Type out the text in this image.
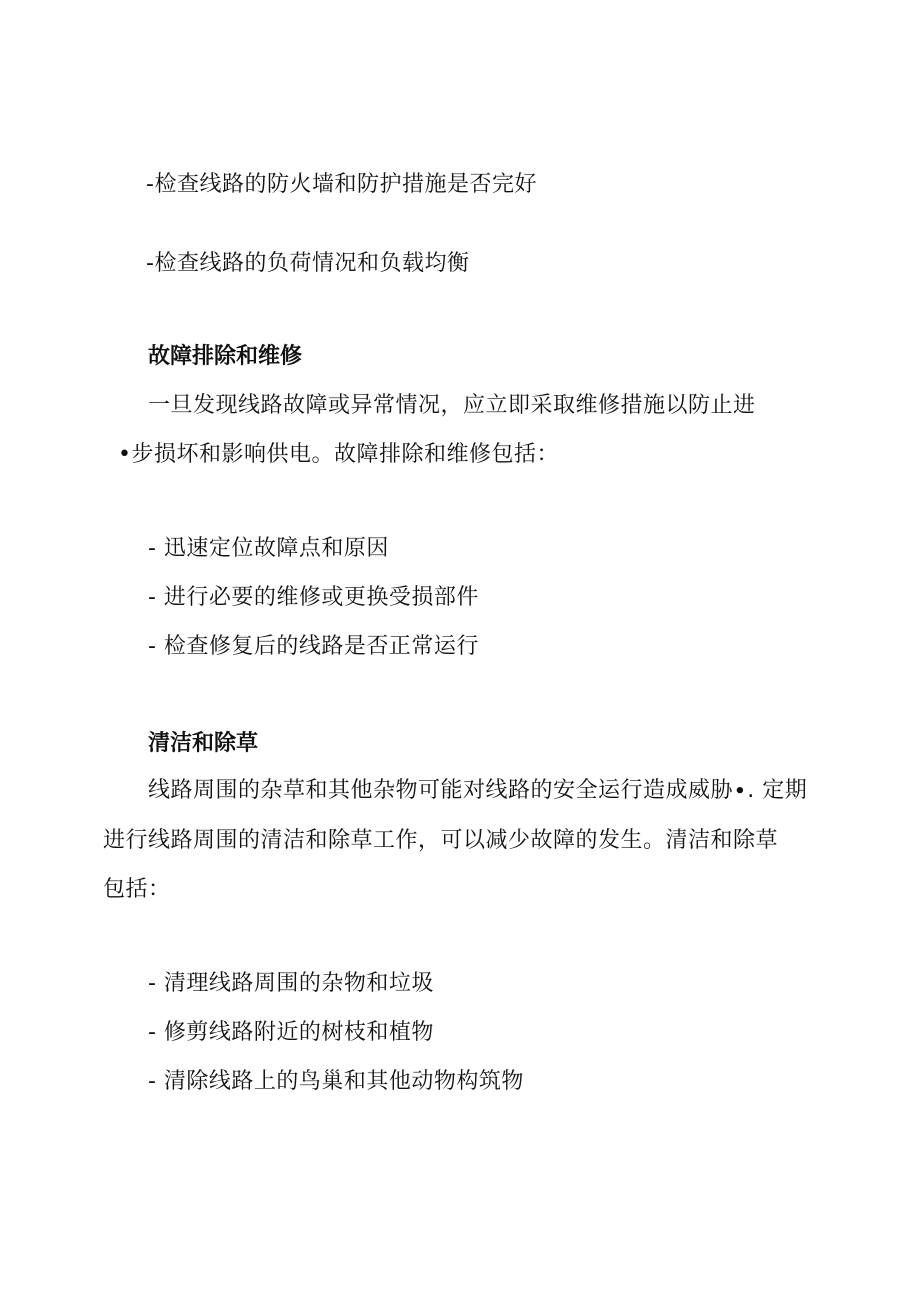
-检查线路的防火墙和防护措施是否完好
-检查线路的负荷情况和负载均衡
故障排除和维修
一旦发现线路故障或异常情况，应立即采取维修措施以防止进
•步损坏和影响供电。故障排除和维修包括：
- 迅速定位故障点和原因
- 进行必要的维修或更换受损部件
- 检查修复后的线路是否正常运行
清洁和除草
线路周围的杂草和其他杂物可能对线路的安全运行造成威胁∙. 定期
进行线路周围的清洁和除草工作，可以减少故障的发生。清洁和除草
包括：
- 清理线路周围的杂物和垃圾
- 修剪线路附近的树枝和植物
- 清除线路上的鸟巢和其他动物构筑物
